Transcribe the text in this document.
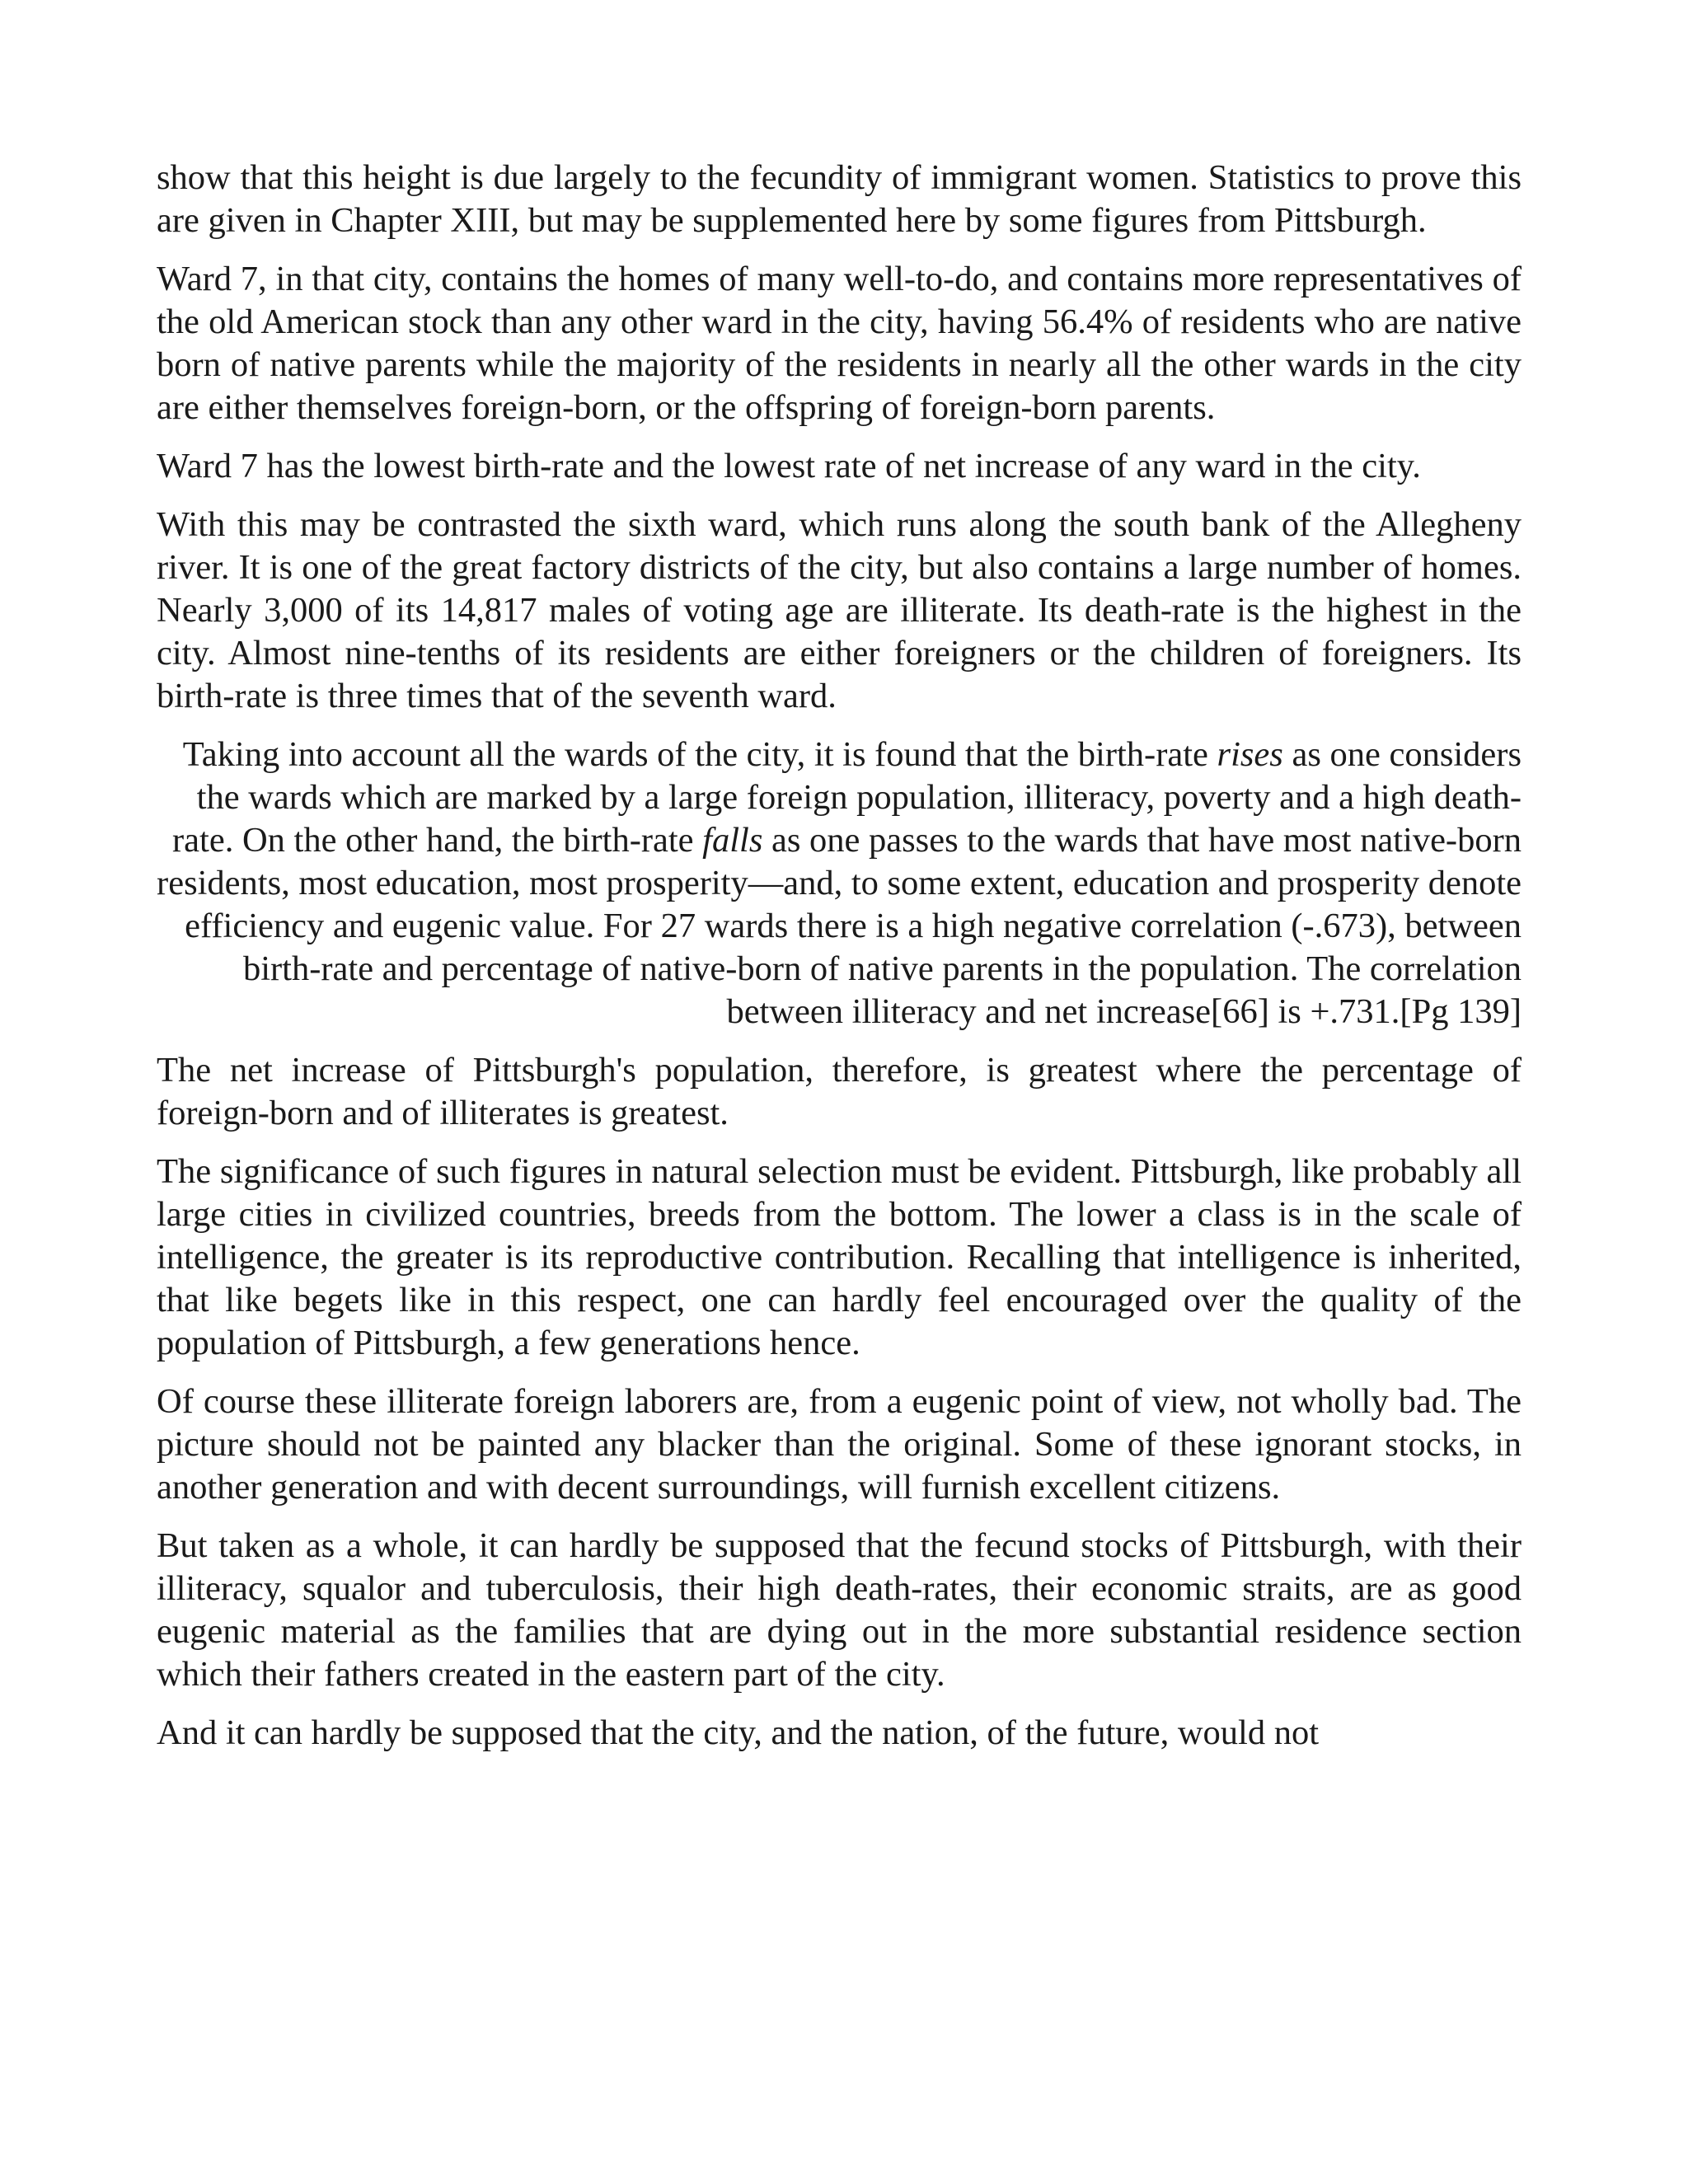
show that this height is due largely to the fecundity of immigrant women. Statistics to prove this are given in Chapter XIII, but may be supplemented here by some figures from Pittsburgh.

Ward 7, in that city, contains the homes of many well-to-do, and contains more representatives of the old American stock than any other ward in the city, having 56.4% of residents who are native born of native parents while the majority of the residents in nearly all the other wards in the city are either themselves foreign-born, or the offspring of foreign-born parents.

Ward 7 has the lowest birth-rate and the lowest rate of net increase of any ward in the city.

With this may be contrasted the sixth ward, which runs along the south bank of the Allegheny river. It is one of the great factory districts of the city, but also contains a large number of homes. Nearly 3,000 of its 14,817 males of voting age are illiterate. Its death-rate is the highest in the city. Almost nine-tenths of its residents are either foreigners or the children of foreigners. Its birth-rate is three times that of the seventh ward.

Taking into account all the wards of the city, it is found that the birth-rate rises as one considers the wards which are marked by a large foreign population, illiteracy, poverty and a high death-rate. On the other hand, the birth-rate falls as one passes to the wards that have most native-born residents, most education, most prosperity—and, to some extent, education and prosperity denote efficiency and eugenic value. For 27 wards there is a high negative correlation (-.673), between birth-rate and percentage of native-born of native parents in the population. The correlation between illiteracy and net increase[66] is +.731.[Pg 139]

The net increase of Pittsburgh's population, therefore, is greatest where the percentage of foreign-born and of illiterates is greatest.

The significance of such figures in natural selection must be evident. Pittsburgh, like probably all large cities in civilized countries, breeds from the bottom. The lower a class is in the scale of intelligence, the greater is its reproductive contribution. Recalling that intelligence is inherited, that like begets like in this respect, one can hardly feel encouraged over the quality of the population of Pittsburgh, a few generations hence.

Of course these illiterate foreign laborers are, from a eugenic point of view, not wholly bad. The picture should not be painted any blacker than the original. Some of these ignorant stocks, in another generation and with decent surroundings, will furnish excellent citizens.

But taken as a whole, it can hardly be supposed that the fecund stocks of Pittsburgh, with their illiteracy, squalor and tuberculosis, their high death-rates, their economic straits, are as good eugenic material as the families that are dying out in the more substantial residence section which their fathers created in the eastern part of the city.

And it can hardly be supposed that the city, and the nation, of the future, would not
